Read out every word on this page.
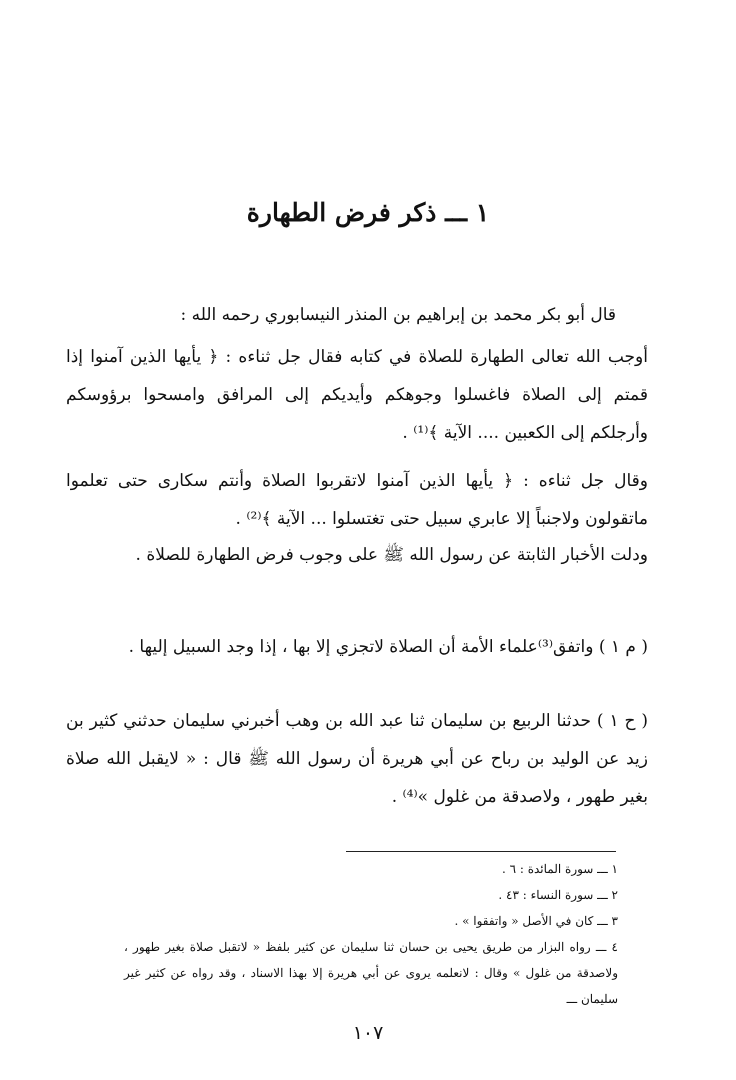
١ ـــ ذكر فرض الطهارة
قال أبو بكر محمد بن إبراهيم بن المنذر النيسابوري رحمه الله :
أوجب الله تعالى الطهارة للصلاة في كتابه فقال جل ثناءه : ﴿ يأيها الذين آمنوا إذا قمتم إلى الصلاة فاغسلوا وجوهكم وأيديكم إلى المرافق وامسحوا برؤوسكم وأرجلكم إلى الكعبين .... الآية ﴾⁽¹⁾ .
وقال جل ثناءه : ﴿ يأيها الذين آمنوا لاتقربوا الصلاة وأنتم سكارى حتى تعلموا ماتقولون ولاجنباً إلا عابري سبيل حتى تغتسلوا ... الآية ﴾⁽²⁾ .
ودلت الأخبار الثابتة عن رسول الله ﷺ على وجوب فرض الطهارة للصلاة .
( م ١ ) واتفق⁽³⁾علماء الأمة أن الصلاة لاتجزي إلا بها ، إذا وجد السبيل إليها .
( ح ١ ) حدثنا الربيع بن سليمان ثنا عبد الله بن وهب أخبرني سليمان حدثني كثير بن زيد عن الوليد بن رباح عن أبي هريرة أن رسول الله ﷺ قال : « لايقبل الله صلاة بغير طهور ، ولاصدقة من غلول »⁽⁴⁾ .
١ ـــ سورة المائدة : ٦ .
٢ ـــ سورة النساء : ٤٣ .
٣ ـــ كان في الأصل « واتفقوا » .
٤ ـــ رواه البزار من طريق يحيى بن حسان ثنا سليمان عن كثير بلفظ « لاتقبل صلاة بغير طهور ، ولاصدقة من غلول » وقال : لانعلمه يروى عن أبي هريرة إلا بهذا الاسناد ، وقد رواه عن كثير غير سليمان ـــ
١٠٧
